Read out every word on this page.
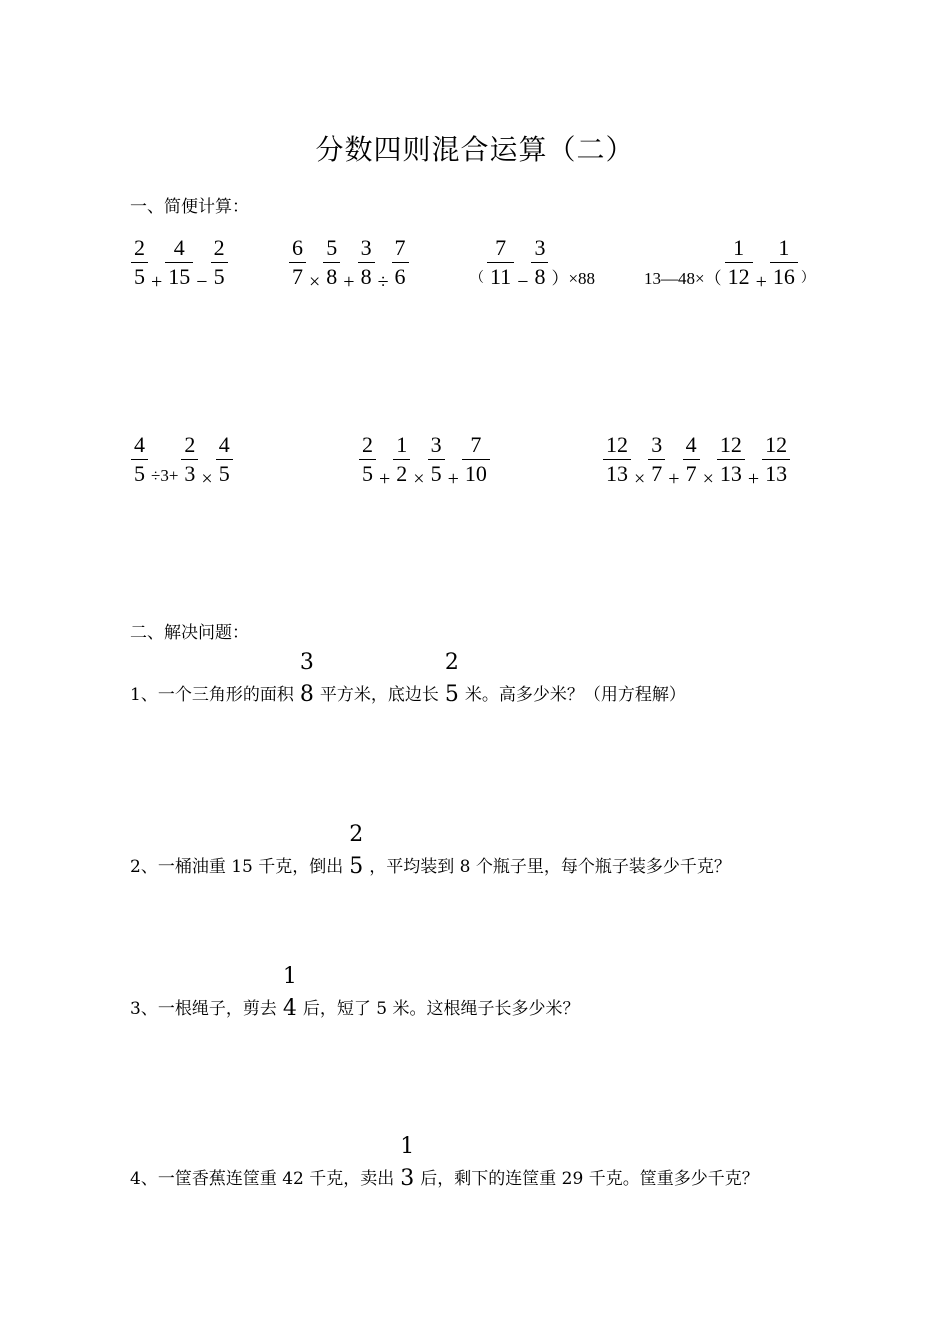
分数四则混合运算（二）
一、简便计算：
$\frac{2}{5} + \frac{4}{15} - \frac{2}{5}$	$\frac{6}{7} \times \frac{5}{8} + \frac{3}{8} \div \frac{7}{6}$	（ $\frac{7}{11} - \frac{3}{8} )\times 88$	13—48×（ $\frac{1}{12} + \frac{1}{16}$ ）
$\frac{4}{5} \div 3+ \frac{2}{3} \times \frac{4}{5}$	$\frac{2}{5} + \frac{1}{2} \times \frac{3}{5} + \frac{7}{10}$	$\frac{12}{13} \times \frac{3}{7} + \frac{4}{7} \times \frac{12}{13} + \frac{12}{13}$
二、解决问题：
1、一个三角形的面积
3
8 平方米，底边长
2
5 米。高多少米？（用方程解）
2、一桶油重 15 千克，倒出
2
5 ，平均装到 8 个瓶子里，每个瓶子装多少千克？
3、一根绳子，剪去
1
4 后，短了 5 米。这根绳子长多少米？
4、一筐香蕉连筐重 42 千克，卖出
1
3 后，剩下的连筐重 29 千克。筐重多少千克？
